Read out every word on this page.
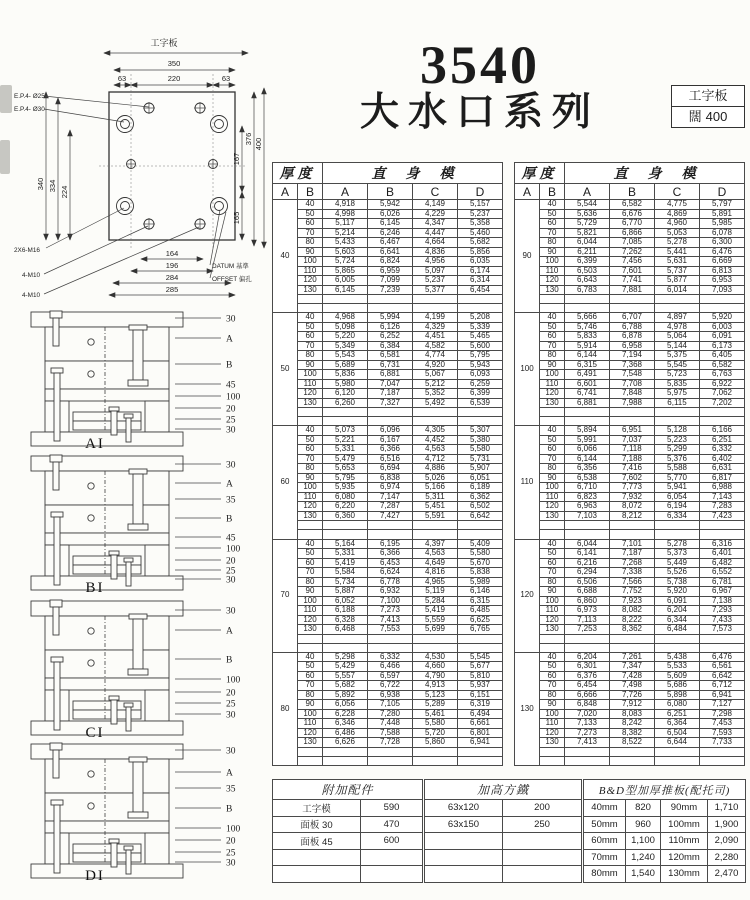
3540
大水口系列	工字板
闊 400
工字板
350
63	220	63
167
165
376 400
340 334 224
164
196
284
285
E.P.4- Ø25
E.P.4- Ø30
2X6-M16
4-M10
4-M10
DATUM 基準
OFFSET 偏孔
厚度		直身模			
A	B	A	B	C	D
40	40	4,918	5,942	4,149	5,157
	50	4,998	6,026	4,229	5,237
	60	5,117	6,145	4,347	5,358
	70	5,214	6,246	4,447	5,460
	80	5,433	6,467	4,664	5,682
	90	5,603	6,641	4,836	5,856
	100	5,724	6,824	4,956	6,035
	110	5,865	6,959	5,097	6,174
	120	6,005	7,099	5,237	6,314
	130	6,145	7,239	5,377	6,454

50	40	4,968	5,994	4,199	5,208
	50	5,098	6,126	4,329	5,339
	60	5,220	6,252	4,451	5,465
	70	5,349	6,384	4,582	5,600
	80	5,543	6,581	4,774	5,795
	90	5,689	6,731	4,920	5,943
	100	5,836	6,881	5,067	6,093
	110	5,980	7,047	5,212	6,259
	120	6,120	7,187	5,352	6,399
	130	6,260	7,327	5,492	6,539

60	40	5,073	6,096	4,305	5,307
	50	5,221	6,167	4,452	5,380
	60	5,331	6,366	4,563	5,580
	70	5,479	6,516	4,712	5,731
	80	5,653	6,694	4,886	5,907
	90	5,795	6,838	5,026	6,051
	100	5,935	6,974	5,166	6,189
	110	6,080	7,147	5,311	6,362
	120	6,220	7,287	5,451	6,502
	130	6,360	7,427	5,591	6,642

70	40	5,164	6,195	4,397	5,409
	50	5,331	6,366	4,563	5,580
	60	5,419	6,453	4,649	5,670
	70	5,584	6,624	4,816	5,838
	80	5,734	6,778	4,965	5,989
	90	5,887	6,932	5,119	6,146
	100	6,052	7,100	5,284	6,315
	110	6,188	7,273	5,419	6,485
	120	6,328	7,413	5,559	6,625
	130	6,468	7,553	5,699	6,765

80	40	5,298	6,332	4,530	5,545
	50	5,429	6,466	4,660	5,677
	60	5,557	6,597	4,790	5,810
	70	5,682	6,722	4,913	5,937
	80	5,892	6,938	5,123	6,151
	90	6,056	7,105	5,289	6,319
	100	6,228	7,280	5,461	6,494
	110	6,346	7,448	5,580	6,661
	120	6,486	7,588	5,720	6,801
	130	6,626	7,728	5,860	6,941

厚度		直身模			
A	B	A	B	C	D
90	40	5,544	6,582	4,775	5,797
	50	5,636	6,676	4,869	5,891
	60	5,729	6,770	4,960	5,985
	70	5,821	6,866	5,053	6,078
	80	6,044	7,085	5,278	6,300
	90	6,211	7,262	5,441	6,476
	100	6,399	7,456	5,631	6,669
	110	6,503	7,601	5,737	6,813
	120	6,643	7,741	5,877	6,953
	130	6,783	7,881	6,014	7,093

100	40	5,666	6,707	4,897	5,920
	50	5,746	6,788	4,978	6,003
	60	5,833	6,878	5,064	6,091
	70	5,914	6,958	5,144	6,173
	80	6,144	7,194	5,375	6,405
	90	6,315	7,368	5,545	6,582
	100	6,491	7,548	5,723	6,763
	110	6,601	7,708	5,835	6,922
	120	6,741	7,848	5,975	7,062
	130	6,881	7,988	6,115	7,202

110	40	5,894	6,951	5,128	6,166
	50	5,991	7,037	5,223	6,251
	60	6,066	7,118	5,299	6,332
	70	6,144	7,188	5,376	6,402
	80	6,356	7,416	5,588	6,631
	90	6,538	7,602	5,770	6,817
	100	6,710	7,773	5,941	6,988
	110	6,823	7,932	6,054	7,143
	120	6,963	8,072	6,194	7,283
	130	7,103	8,212	6,334	7,423

120	40	6,044	7,101	5,278	6,316
	50	6,141	7,187	5,373	6,401
	60	6,216	7,268	5,449	6,482
	70	6,294	7,338	5,526	6,552
	80	6,506	7,566	5,738	6,781
	90	6,688	7,752	5,920	6,967
	100	6,860	7,923	6,091	7,138
	110	6,973	8,082	6,204	7,293
	120	7,113	8,222	6,344	7,433
	130	7,253	8,362	6,484	7,573

130	40	6,204	7,261	5,438	6,476
	50	6,301	7,347	5,533	6,561
	60	6,376	7,428	5,609	6,642
	70	6,454	7,498	5,686	6,712
	80	6,666	7,726	5,898	6,941
	90	6,848	7,912	6,080	7,127
	100	7,020	8,083	6,251	7,298
	110	7,133	8,242	6,364	7,453
	120	7,273	8,382	6,504	7,593
	130	7,413	8,522	6,644	7,733

AI
30
A
B
45
100
20
25
30
BI
30
A
35
B
45
100
20
25
30
CI
30
A
B
100
20
25
30
DI
30
A
35
B
100
20
25
30
附加配件	
工字模	590
面板 30	470
面板 45	600

加高方鐵	
63x120	200
63x150	250

B&D型加厚推板(配托司)			
40mm	820	90mm	1,710
50mm	960	100mm	1,900
60mm	1,100	110mm	2,090
70mm	1,240	120mm	2,280
80mm	1,540	130mm	2,470
